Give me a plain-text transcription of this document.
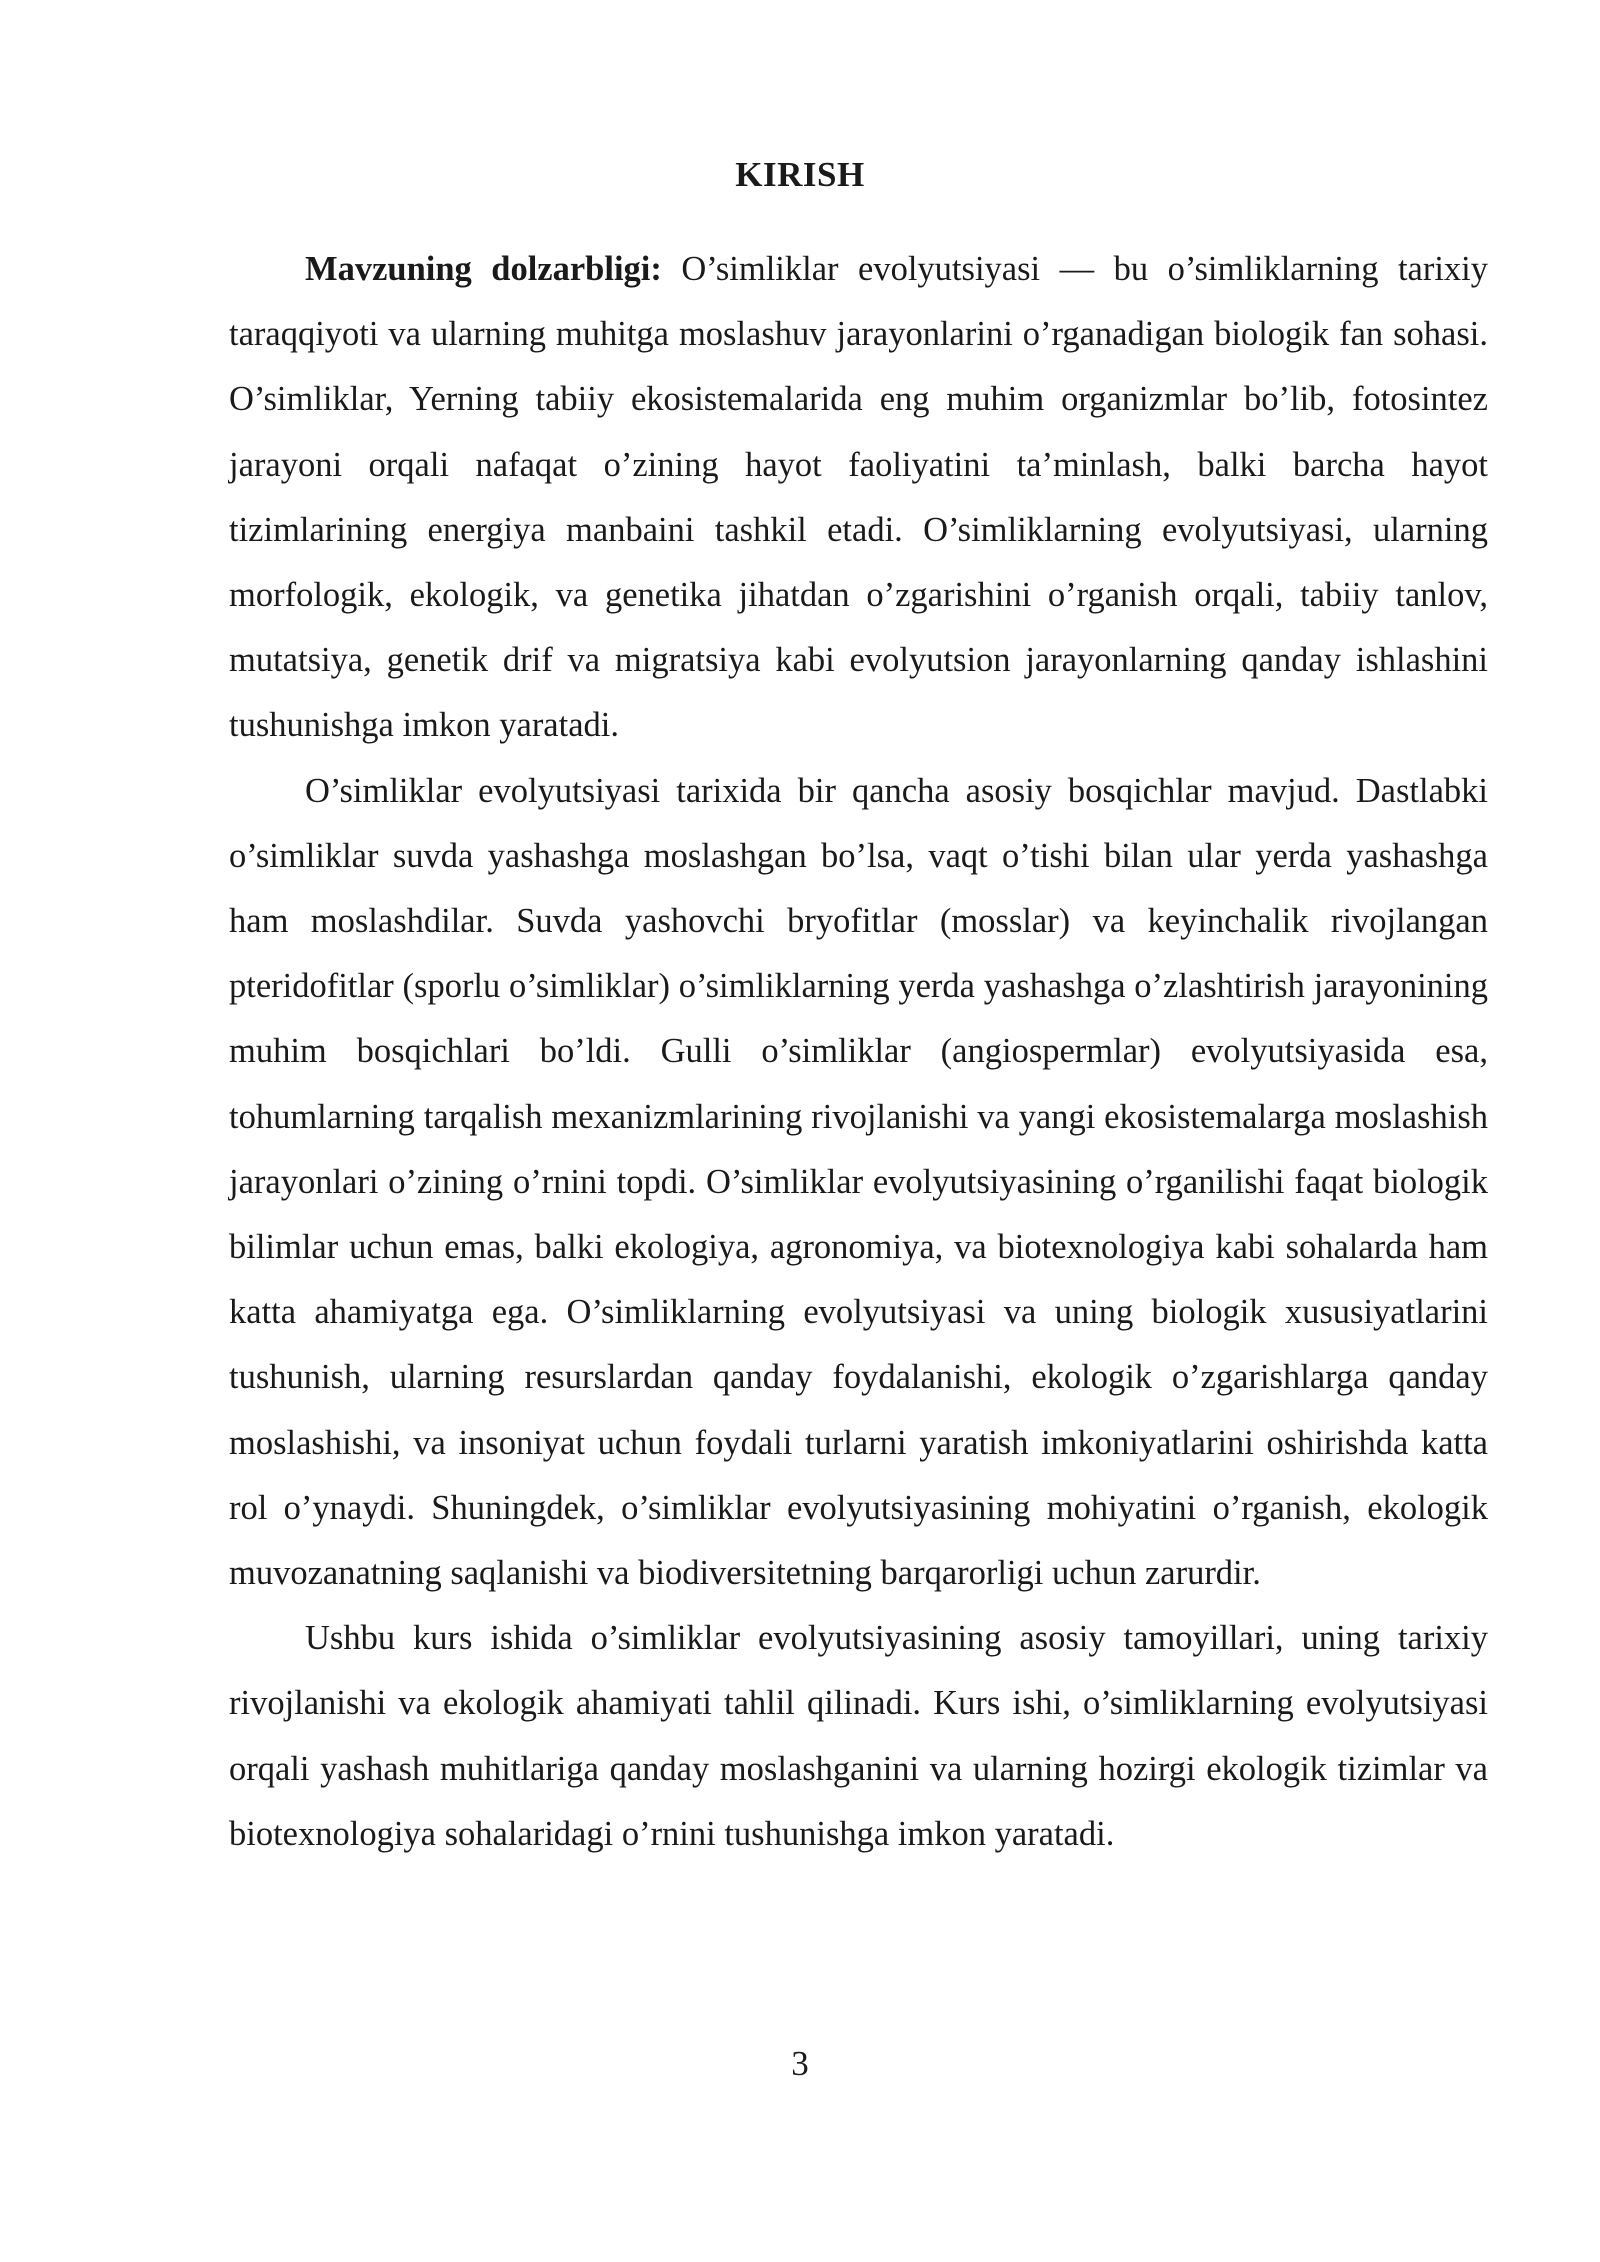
KIRISH

Mavzuning dolzarbligi: O’simliklar evolyutsiyasi — bu o’simliklarning tarixiy taraqqiyoti va ularning muhitga moslashuv jarayonlarini o’rganadigan biologik fan sohasi. O’simliklar, Yerning tabiiy ekosistemalarida eng muhim organizmlar bo’lib, fotosintez jarayoni orqali nafaqat o’zining hayot faoliyatini ta’minlash, balki barcha hayot tizimlarining energiya manbaini tashkil etadi. O’simliklarning evolyutsiyasi, ularning morfologik, ekologik, va genetika jihatdan o’zgarishini o’rganish orqali, tabiiy tanlov, mutatsiya, genetik drif va migratsiya kabi evolyutsion jarayonlarning qanday ishlashini tushunishga imkon yaratadi.

O’simliklar evolyutsiyasi tarixida bir qancha asosiy bosqichlar mavjud. Dastlabki o’simliklar suvda yashashga moslashgan bo’lsa, vaqt o’tishi bilan ular yerda yashashga ham moslashdilar. Suvda yashovchi bryofitlar (mosslar) va keyinchalik rivojlangan pteridofitlar (sporlu o’simliklar) o’simliklarning yerda yashashga o’zlashtirish jarayonining muhim bosqichlari bo’ldi. Gulli o’simliklar (angiospermlar) evolyutsiyasida esa, tohumlarning tarqalish mexanizmlarining rivojlanishi va yangi ekosistemalarga moslashish jarayonlari o’zining o’rnini topdi. O’simliklar evolyutsiyasining o’rganilishi faqat biologik bilimlar uchun emas, balki ekologiya, agronomiya, va biotexnologiya kabi sohalarda ham katta ahamiyatga ega. O’simliklarning evolyutsiyasi va uning biologik xususiyatlarini tushunish, ularning resurslardan qanday foydalanishi, ekologik o’zgarishlarga qanday moslashishi, va insoniyat uchun foydali turlarni yaratish imkoniyatlarini oshirishda katta rol o’ynaydi. Shuningdek, o’simliklar evolyutsiyasining mohiyatini o’rganish, ekologik muvozanatning saqlanishi va biodiversitetning barqarorligi uchun zarurdir.

Ushbu kurs ishida o’simliklar evolyutsiyasining asosiy tamoyillari, uning tarixiy rivojlanishi va ekologik ahamiyati tahlil qilinadi. Kurs ishi, o’simliklarning evolyutsiyasi orqali yashash muhitlariga qanday moslashganini va ularning hozirgi ekologik tizimlar va biotexnologiya sohalaridagi o’rnini tushunishga imkon yaratadi.

3
